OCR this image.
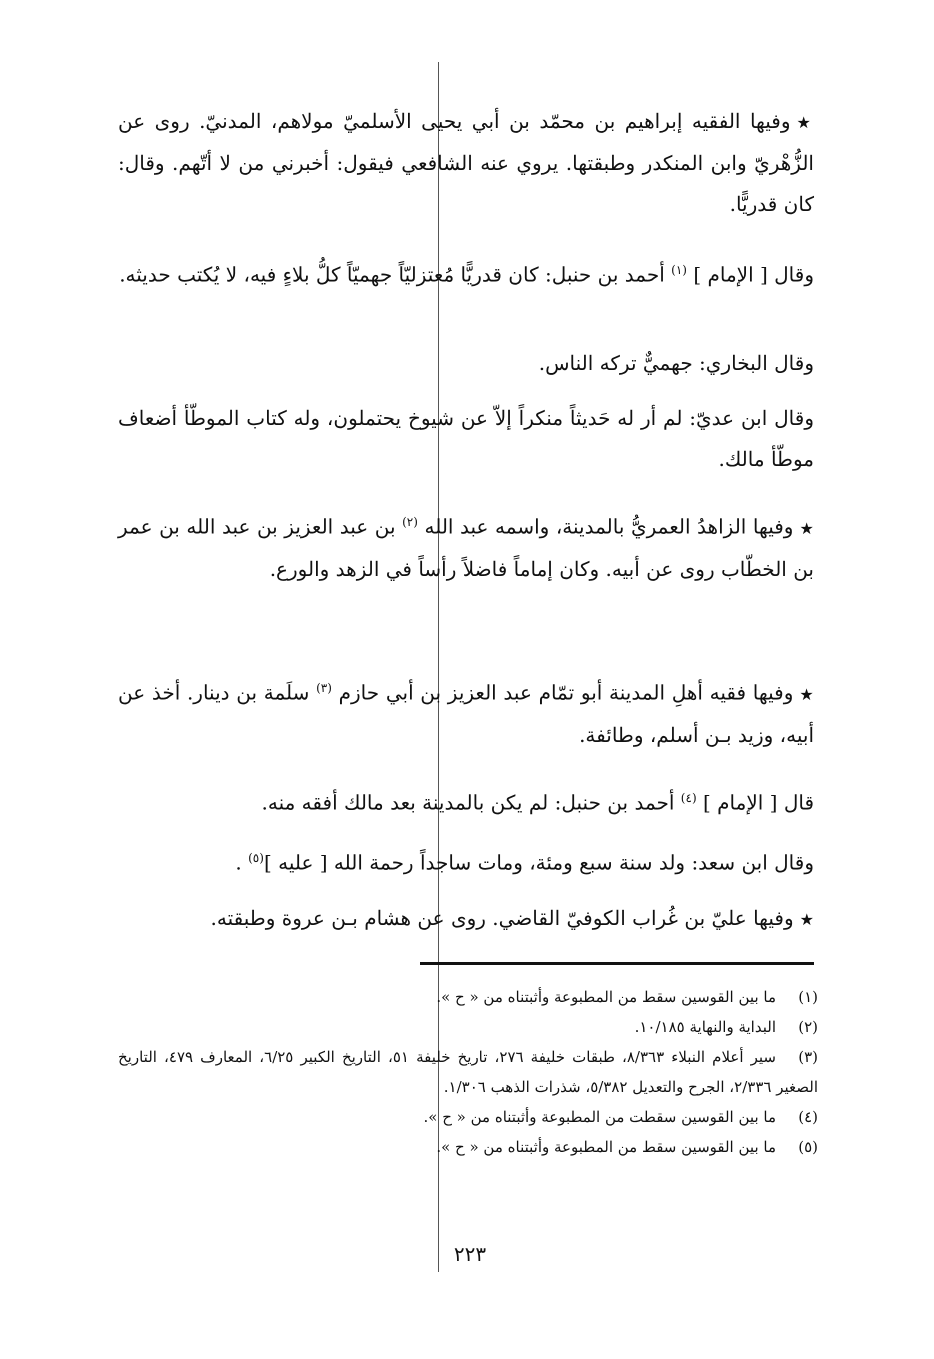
★وفيها الفقيه إبراهيم بن محمّد بن أبي يحيى الأسلميّ مولاهم، المدنيّ. روى عن الزُّهْريّ وابن المنكدر وطبقتها. يروي عنه الشافعي فيقول: أخبرني من لا أتّهم. وقال: كان قدريًّا.

وقال [ الإمام ] $^{(١)}$ أحمد بن حنبل: كان قدريًّا مُعتزليّاً جهميّاً كلُّ بلاءٍ فيه، لا يُكتب حديثه.

وقال البخاري: جهميٌّ تركه الناس.

وقال ابن عديّ: لم أر له حَديثاً منكراً إلاّ عن شيوخ يحتملون، وله كتاب الموطّأ أضعاف موطّأ مالك.

★وفيها الزاهدُ العمريُّ بالمدينة، واسمه عبد الله $^{(٢)}$ بن عبد العزيز بن عبد الله بن عمر بن الخطّاب روى عن أبيه. وكان إماماً فاضلاً رأساً في الزهد والورع.

★وفيها فقيه أهلِ المدينة أبو تمّام عبد العزيز بن أبي حازم $^{(٣)}$ سلَمة بن دينار. أخذ عن أبيه، وزيد بـن أسلم، وطائفة.

قال [ الإمام ] $^{(٤)}$ أحمد بن حنبل: لم يكن بالمدينة بعد مالك أفقه منه.

وقال ابن سعد: ولد سنة سبع ومئة، ومات ساجداً رحمة الله [ عليه ]$^{(٥)}$ .

★وفيها عليّ بن غُراب الكوفيّ القاضي. روى عن هشام بـن عروة وطبقته.

(١)ما بين القوسين سقط من المطبوعة وأثبتناه من « ح ».

(٢)البداية والنهاية ١٠/١٨٥.

(٣)سير أعلام النبلاء ٨/٣٦٣، طبقات خليفة ٢٧٦، تاريخ خليفة ٥١، التاريخ الكبير ٦/٢٥، المعارف ٤٧٩، التاريخ الصغير ٢/٣٣٦، الجرح والتعديل ٥/٣٨٢، شذرات الذهب ١/٣٠٦.

(٤)ما بين القوسين سقطت من المطبوعة وأثبتناه من « ح ».

(٥)ما بين القوسين سقط من المطبوعة وأثبتناه من « ح ».

٢٢٣
